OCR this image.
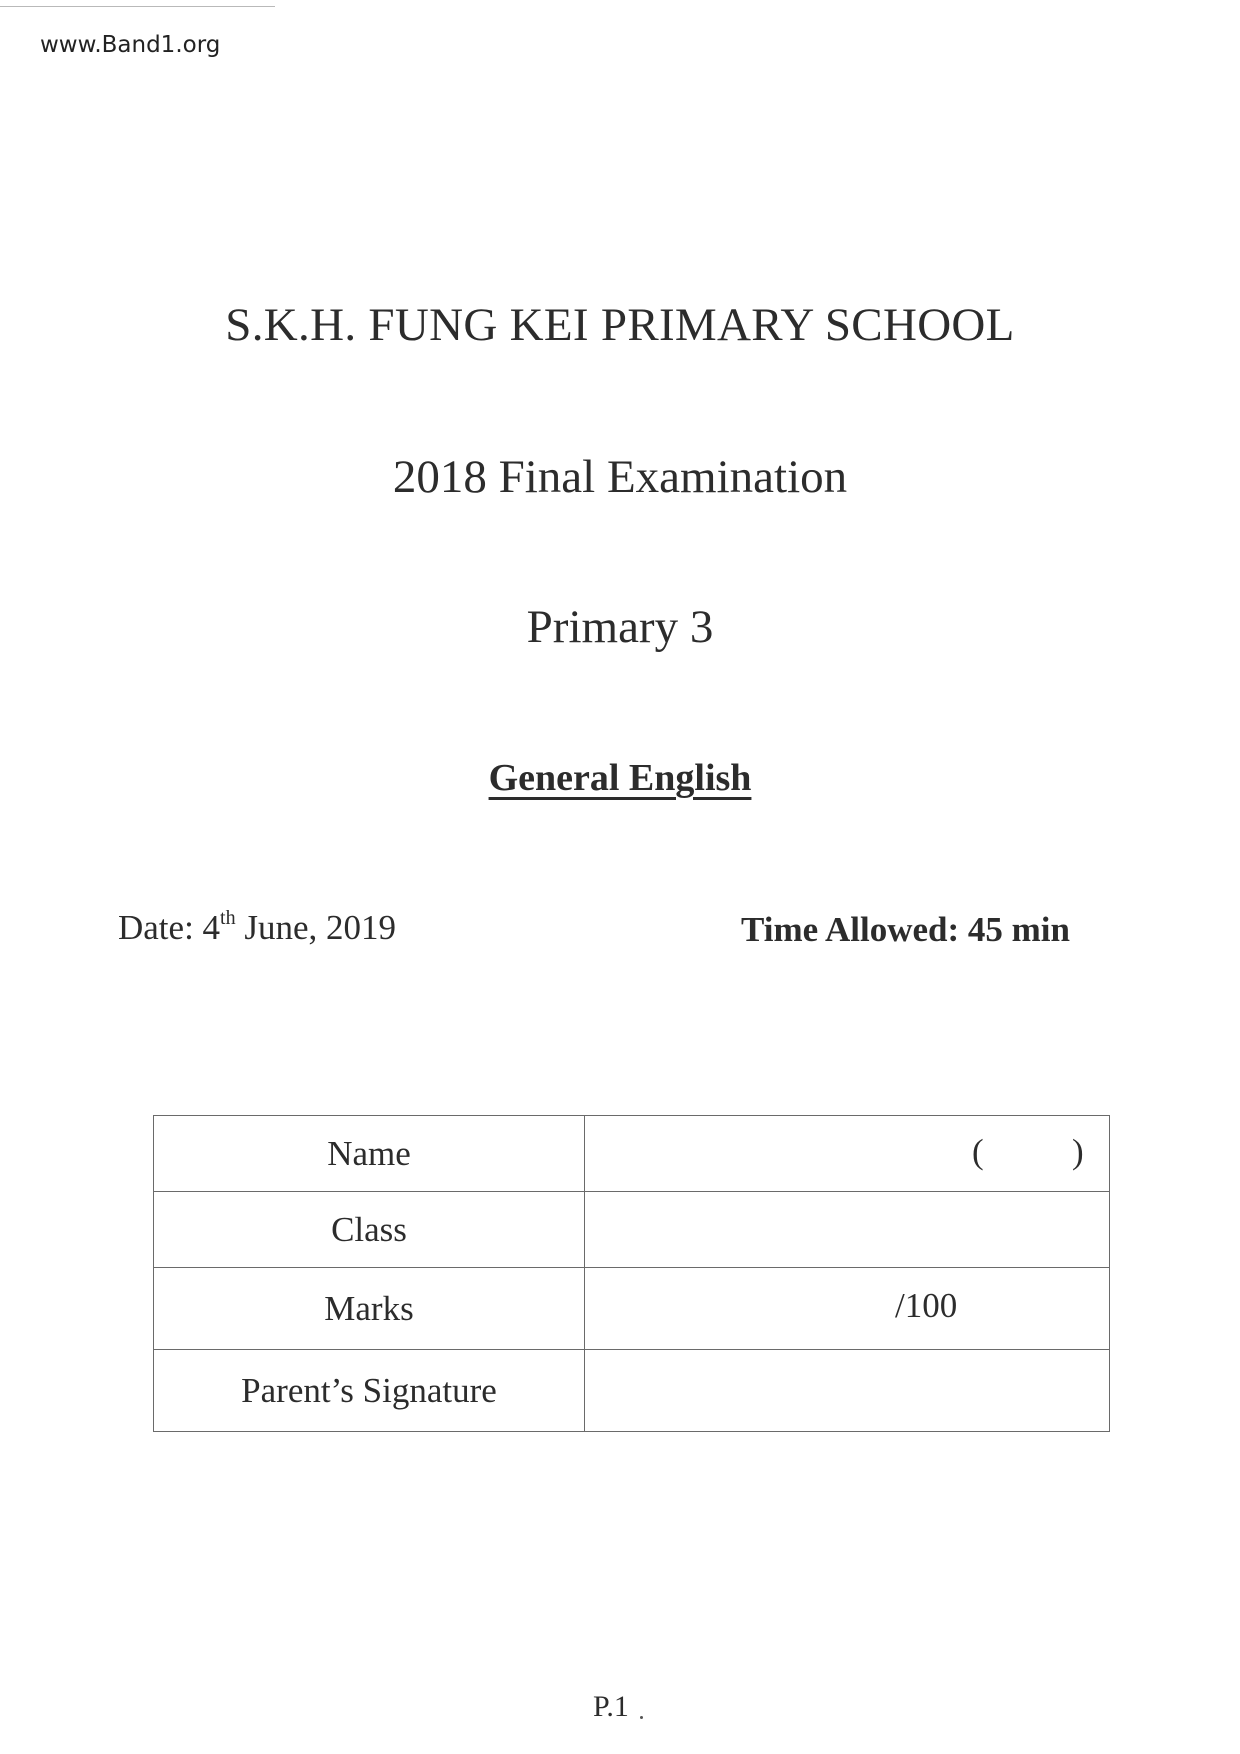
www.Band1.org
S.K.H. FUNG KEI PRIMARY SCHOOL
2018 Final Examination
Primary 3
General English
Date: 4th June, 2019	Time Allowed: 45 min
Name	( )

Class	
Marks	/100

Parent’s Signature	
P.1
